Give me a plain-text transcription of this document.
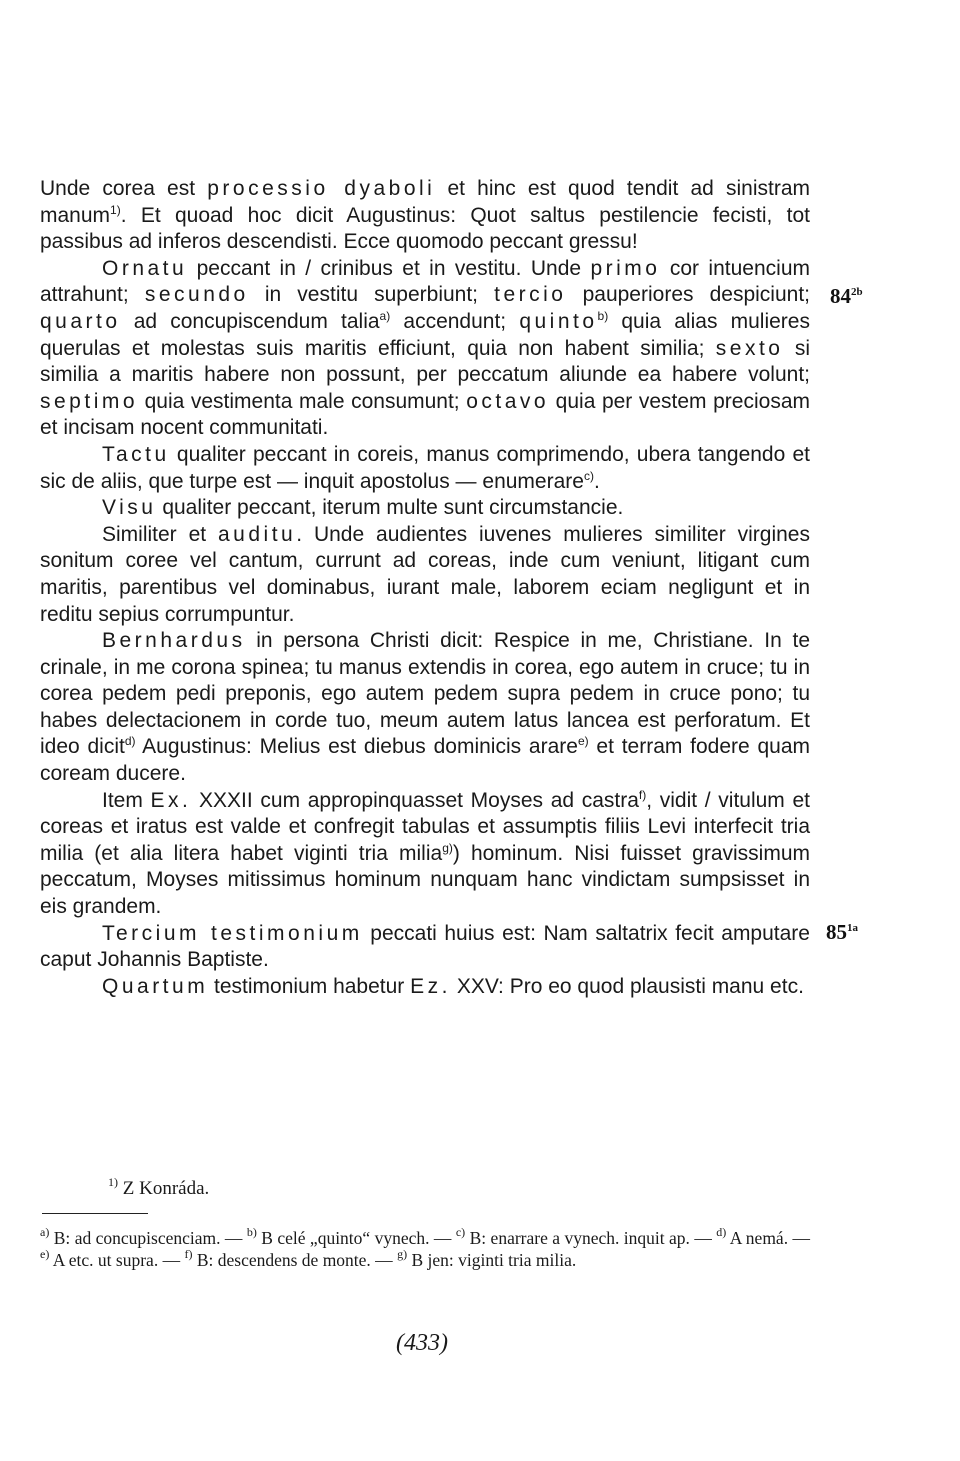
Unde corea est processio dyaboli et hinc est quod tendit ad sinistram manum$^{1)}$. Et quoad hoc dicit Augustinus: Quot saltus pestilencie fecisti, tot passibus ad inferos descendisti. Ecce quomodo peccant gressu!

Ornatu peccant in / crinibus et in vestitu. Unde primo cor intuencium attrahunt; secundo in vestitu superbiunt; tercio pauperiores despiciunt; quarto ad concupiscendum talia$^{a)}$ accendunt; quinto$^{b)}$ quia alias mulieres querulas et molestas suis maritis efficiunt, quia non habent similia; sexto si similia a maritis habere non possunt, per peccatum aliunde ea habere volunt; septimo quia vestimenta male consumunt; octavo quia per vestem preciosam et incisam nocent communitati.

Tactu qualiter peccant in coreis, manus comprimendo, ubera tangendo et sic de aliis, que turpe est — inquit apostolus — enumerare$^{c)}$.

Visu qualiter peccant, iterum multe sunt circumstancie.

Similiter et auditu. Unde audientes iuvenes mulieres similiter virgines sonitum coree vel cantum, currunt ad coreas, inde cum veniunt, litigant cum maritis, parentibus vel dominabus, iurant male, laborem eciam negligunt et in reditu sepius corrumpuntur.

Bernhardus in persona Christi dicit: Respice in me, Christiane. In te crinale, in me corona spinea; tu manus extendis in corea, ego autem in cruce; tu in corea pedem pedi preponis, ego autem pedem supra pedem in cruce pono; tu habes delectacionem in corde tuo, meum autem latus lancea est perforatum. Et ideo dicit$^{d)}$ Augustinus: Melius est diebus dominicis arare$^{e)}$ et terram fodere quam coream ducere.

Item Ex. XXXII cum appropinquasset Moyses ad castra$^{f)}$, vidit / vitulum et coreas et iratus est valde et confregit tabulas et assumptis filiis Levi interfecit tria milia (et alia litera habet viginti tria milia$^{g)}$) hominum. Nisi fuisset gravissimum peccatum, Moyses mitissimus hominum nunquam hanc vindictam sumpsisset in eis grandem.

Tercium testimonium peccati huius est: Nam saltatrix fecit amputare caput Johannis Baptiste.

Quartum testimonium habetur Ez. XXV: Pro eo quod plausisti manu etc.

$84^{2b}$
$85^{1a}$
$^{1)}$ Z Konráda.

$^{a)}$ B: ad concupiscenciam. — $^{b)}$ B celé „quinto“ vynech. — $^{c)}$ B: enarrare a vynech. inquit ap. — $^{d)}$ A nemá. — $^{e)}$ A etc. ut supra. — $^{f)}$ B: descendens de monte. — $^{g)}$ B jen: viginti tria milia.

(433)
